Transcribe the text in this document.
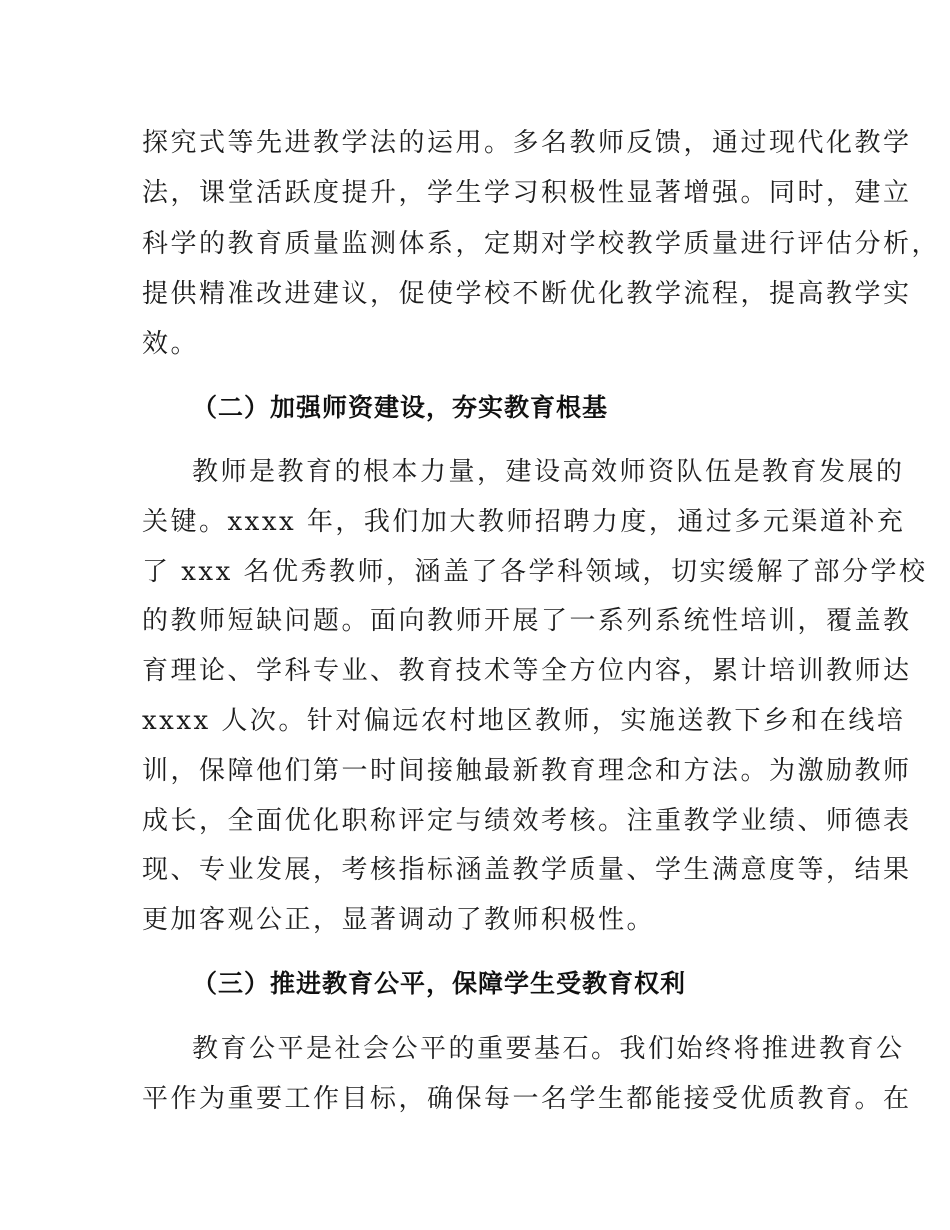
探究式等先进教学法的运用。多名教师反馈，通过现代化教学
法，课堂活跃度提升，学生学习积极性显著增强。同时，建立
科学的教育质量监测体系，定期对学校教学质量进行评估分析，
提供精准改进建议，促使学校不断优化教学流程，提高教学实
效。
（二）加强师资建设，夯实教育根基
教师是教育的根本力量，建设高效师资队伍是教育发展的
关键。xxxx 年，我们加大教师招聘力度，通过多元渠道补充
了 xxx 名优秀教师，涵盖了各学科领域，切实缓解了部分学校
的教师短缺问题。面向教师开展了一系列系统性培训，覆盖教
育理论、学科专业、教育技术等全方位内容，累计培训教师达
xxxx 人次。针对偏远农村地区教师，实施送教下乡和在线培
训，保障他们第一时间接触最新教育理念和方法。为激励教师
成长，全面优化职称评定与绩效考核。注重教学业绩、师德表
现、专业发展，考核指标涵盖教学质量、学生满意度等，结果
更加客观公正，显著调动了教师积极性。
（三）推进教育公平，保障学生受教育权利
教育公平是社会公平的重要基石。我们始终将推进教育公
平作为重要工作目标，确保每一名学生都能接受优质教育。在
